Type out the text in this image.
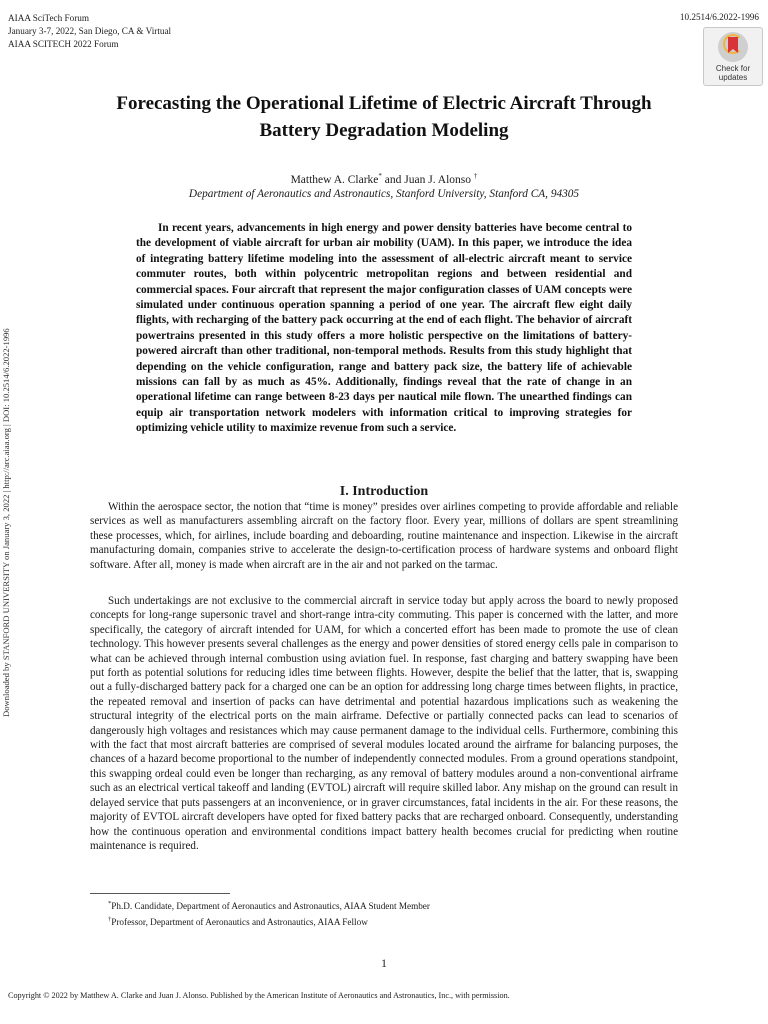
AIAA SciTech Forum
January 3-7, 2022, San Diego, CA & Virtual
AIAA SCITECH 2022 Forum
10.2514/6.2022-1996
Check for
updates
Downloaded by STANFORD UNIVERSITY on January 3, 2022 | http://arc.aiaa.org | DOI: 10.2514/6.2022-1996
Forecasting the Operational Lifetime of Electric Aircraft Through Battery Degradation Modeling
Matthew A. Clarke* and Juan J. Alonso †
Department of Aeronautics and Astronautics, Stanford University, Stanford CA, 94305
In recent years, advancements in high energy and power density batteries have become central to the development of viable aircraft for urban air mobility (UAM). In this paper, we introduce the idea of integrating battery lifetime modeling into the assessment of all-electric aircraft meant to service commuter routes, both within polycentric metropolitan regions and between residential and commercial spaces. Four aircraft that represent the major configuration classes of UAM concepts were simulated under continuous operation spanning a period of one year. The aircraft flew eight daily flights, with recharging of the battery pack occurring at the end of each flight. The behavior of aircraft powertrains presented in this study offers a more holistic perspective on the limitations of battery-powered aircraft than other traditional, non-temporal methods. Results from this study highlight that depending on the vehicle configuration, range and battery pack size, the battery life of achievable missions can fall by as much as 45%. Additionally, findings reveal that the rate of change in an operational lifetime can range between 8-23 days per nautical mile flown. The unearthed findings can equip air transportation network modelers with information critical to improving strategies for optimizing vehicle utility to maximize revenue from such a service.
I. Introduction
Within the aerospace sector, the notion that “time is money” presides over airlines competing to provide affordable and reliable services as well as manufacturers assembling aircraft on the factory floor. Every year, millions of dollars are spent streamlining these processes, which, for airlines, include boarding and deboarding, routine maintenance and inspection. Likewise in the aircraft manufacturing domain, companies strive to accelerate the design-to-certification process of hardware systems and onboard flight software. After all, money is made when aircraft are in the air and not parked on the tarmac.
Such undertakings are not exclusive to the commercial aircraft in service today but apply across the board to newly proposed concepts for long-range supersonic travel and short-range intra-city commuting. This paper is concerned with the latter, and more specifically, the category of aircraft intended for UAM, for which a concerted effort has been made to promote the use of clean technology. This however presents several challenges as the energy and power densities of stored energy cells pale in comparison to what can be achieved through internal combustion using aviation fuel. In response, fast charging and battery swapping have been put forth as potential solutions for reducing idles time between flights. However, despite the belief that the latter, that is, swapping out a fully-discharged battery pack for a charged one can be an option for addressing long charge times between flights, in practice, the repeated removal and insertion of packs can have detrimental and potential hazardous implications such as weakening the structural integrity of the electrical ports on the main airframe. Defective or partially connected packs can lead to scenarios of dangerously high voltages and resistances which may cause permanent damage to the individual cells. Furthermore, combining this with the fact that most aircraft batteries are comprised of several modules located around the airframe for balancing purposes, the chances of a hazard become proportional to the number of independently connected modules. From a ground operations standpoint, this swapping ordeal could even be longer than recharging, as any removal of battery modules around a non-conventional airframe such as an electrical vertical takeoff and landing (EVTOL) aircraft will require skilled labor. Any mishap on the ground can result in delayed service that puts passengers at an inconvenience, or in graver circumstances, fatal incidents in the air. For these reasons, the majority of EVTOL aircraft developers have opted for fixed battery packs that are recharged onboard. Consequently, understanding how the continuous operation and environmental conditions impact battery health becomes crucial for predicting when routine maintenance is required.
*Ph.D. Candidate, Department of Aeronautics and Astronautics, AIAA Student Member
†Professor, Department of Aeronautics and Astronautics, AIAA Fellow
1
Copyright © 2022 by Matthew A. Clarke and Juan J. Alonso. Published by the American Institute of Aeronautics and Astronautics, Inc., with permission.
